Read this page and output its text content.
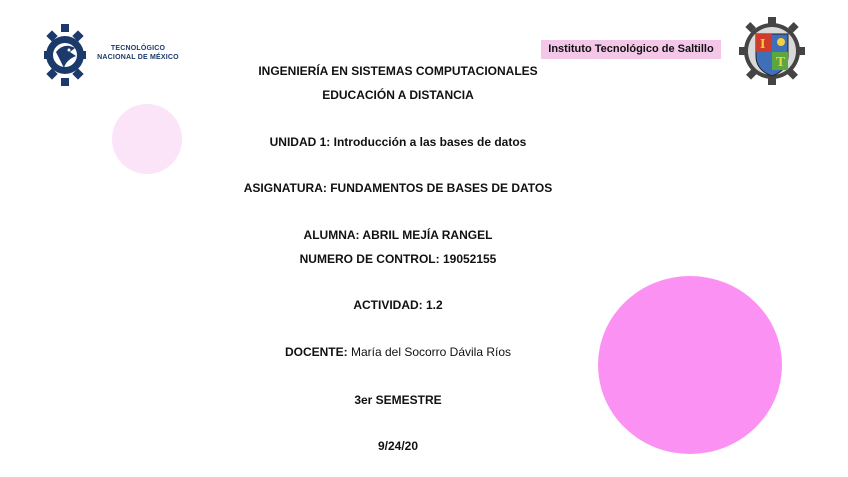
TECNOLÓGICO
NACIONAL DE MÉXICO
Instituto Tecnológico de Saltillo	I
T
INGENIERÍA EN SISTEMAS COMPUTACIONALES
EDUCACIÓN A DISTANCIA
UNIDAD 1: Introducción a las bases de datos
ASIGNATURA: FUNDAMENTOS DE BASES DE DATOS
ALUMNA: ABRIL MEJÍA RANGEL
NUMERO DE CONTROL: 19052155
ACTIVIDAD: 1.2
DOCENTE: María del Socorro Dávila Ríos
3er SEMESTRE
9/24/20
